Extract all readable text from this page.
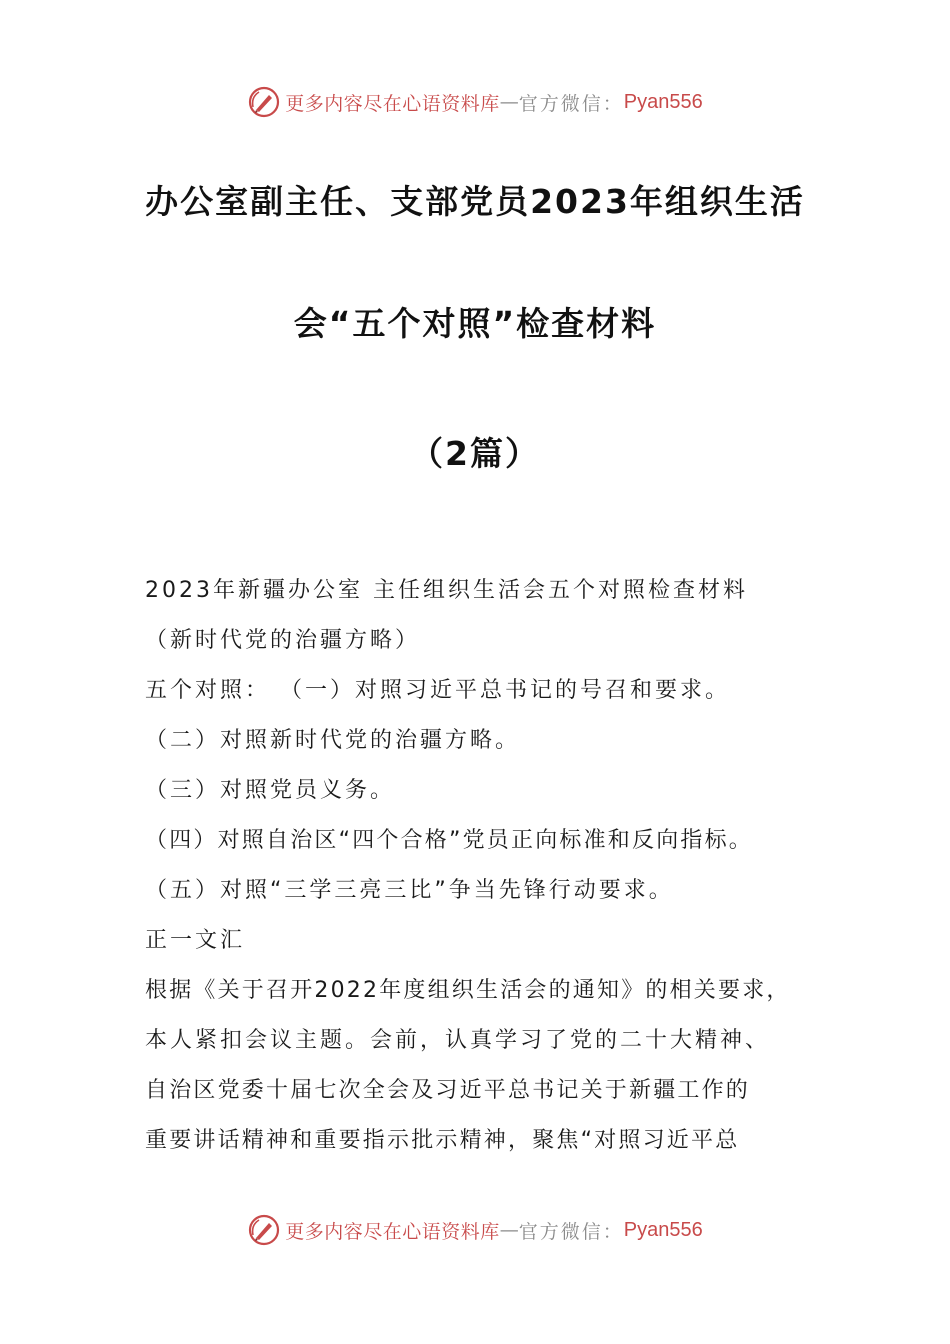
更多内容尽在心语资料库 — 官方微信： Pyan556
办公室副主任、支部党员2023年组织生活
会“五个对照”检查材料
（2篇）
2023年新疆办公室 主任组织生活会五个对照检查材料
（新时代党的治疆方略）
五个对照： （一）对照习近平总书记的号召和要求。
（二）对照新时代党的治疆方略。
（三）对照党员义务。
（四）对照自治区“四个合格”党员正向标准和反向指标。
（五）对照“三学三亮三比”争当先锋行动要求。
正一文汇
根据《关于召开2022年度组织生活会的通知》的相关要求，
本人紧扣会议主题。会前，认真学习了党的二十大精神、
自治区党委十届七次全会及习近平总书记关于新疆工作的
重要讲话精神和重要指示批示精神，聚焦“对照习近平总
更多内容尽在心语资料库 — 官方微信： Pyan556
